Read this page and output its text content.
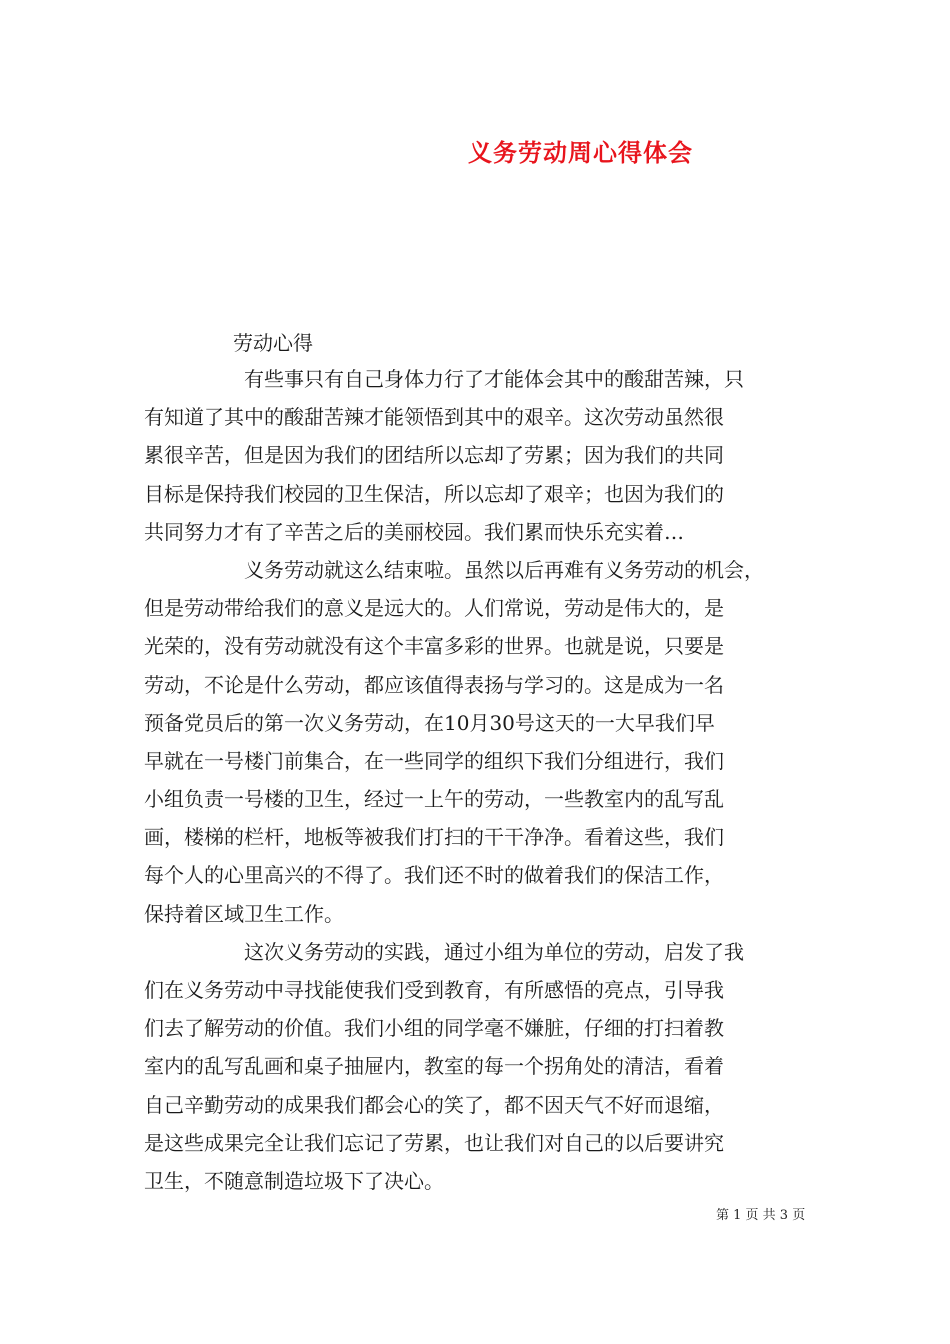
义务劳动周心得体会
劳动心得
有些事只有自己身体力行了才能体会其中的酸甜苦辣，只
有知道了其中的酸甜苦辣才能领悟到其中的艰辛。这次劳动虽然很
累很辛苦，但是因为我们的团结所以忘却了劳累；因为我们的共同
目标是保持我们校园的卫生保洁，所以忘却了艰辛；也因为我们的
共同努力才有了辛苦之后的美丽校园。我们累而快乐充实着…
义务劳动就这么结束啦。虽然以后再难有义务劳动的机会，
但是劳动带给我们的意义是远大的。人们常说，劳动是伟大的，是
光荣的，没有劳动就没有这个丰富多彩的世界。也就是说，只要是
劳动，不论是什么劳动，都应该值得表扬与学习的。这是成为一名
预备党员后的第一次义务劳动，在10月30号这天的一大早我们早
早就在一号楼门前集合，在一些同学的组织下我们分组进行，我们
小组负责一号楼的卫生，经过一上午的劳动，一些教室内的乱写乱
画，楼梯的栏杆，地板等被我们打扫的干干净净。看着这些，我们
每个人的心里高兴的不得了。我们还不时的做着我们的保洁工作，
保持着区域卫生工作。
这次义务劳动的实践，通过小组为单位的劳动，启发了我
们在义务劳动中寻找能使我们受到教育，有所感悟的亮点，引导我
们去了解劳动的价值。我们小组的同学毫不嫌脏，仔细的打扫着教
室内的乱写乱画和桌子抽屉内，教室的每一个拐角处的清洁，看着
自己辛勤劳动的成果我们都会心的笑了，都不因天气不好而退缩，
是这些成果完全让我们忘记了劳累，也让我们对自己的以后要讲究
卫生，不随意制造垃圾下了决心。
第 1 页 共 3 页
